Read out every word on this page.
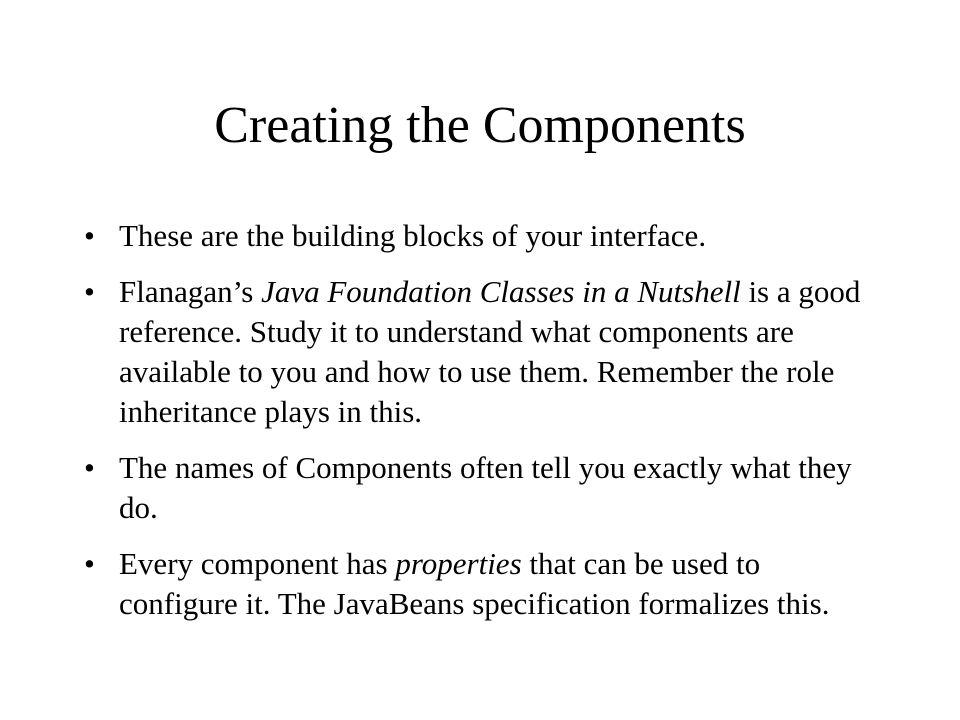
Creating the Components
• These are the building blocks of your interface.
• Flanagan’s Java Foundation Classes in a Nutshell is a good reference. Study it to understand what components are available to you and how to use them. Remember the role inheritance plays in this.
• The names of Components often tell you exactly what they do.
• Every component has properties that can be used to configure it. The JavaBeans specification formalizes this.
